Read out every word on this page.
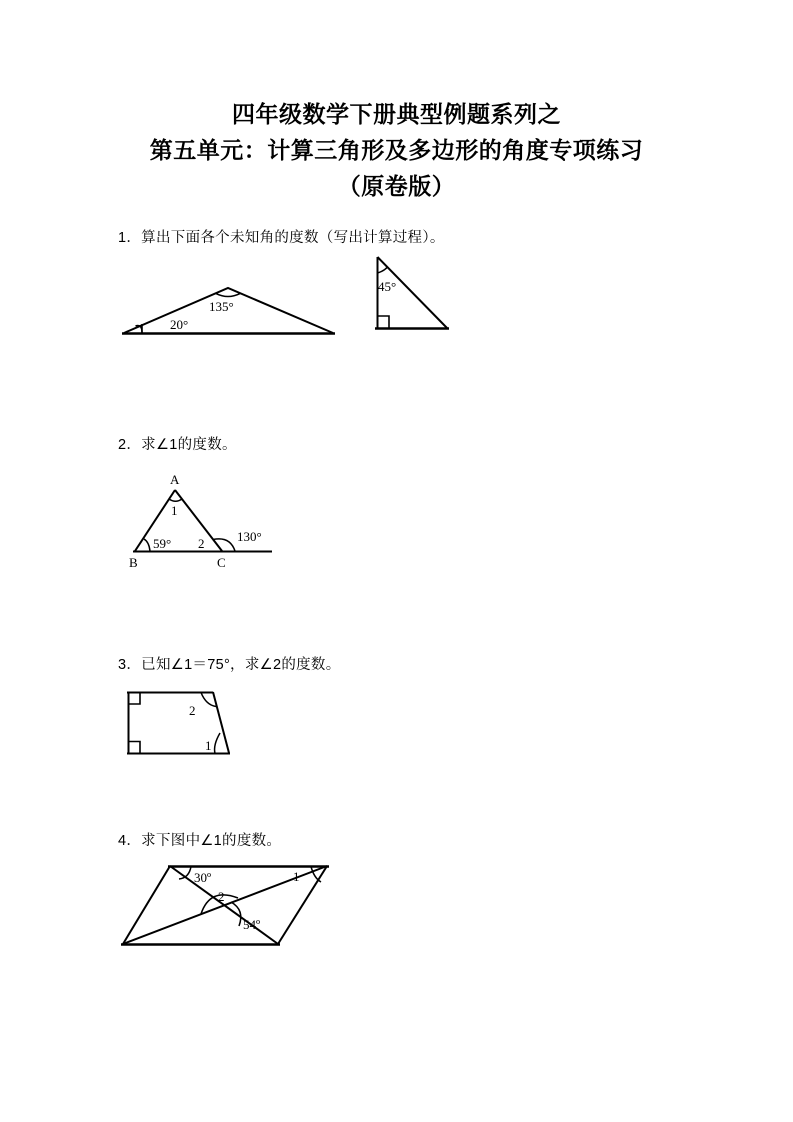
四年级数学下册典型例题系列之
第五单元：计算三角形及多边形的角度专项练习
（原卷版）
1．算出下面各个未知角的度数（写出计算过程）。
20°
135°
45°
2．求∠1的度数。
A
B	C
1
59° 2	130°
3．已知∠1＝75°，求∠2的度数。
2
1
4．求下图中∠1的度数。
30º
2
54º
1
